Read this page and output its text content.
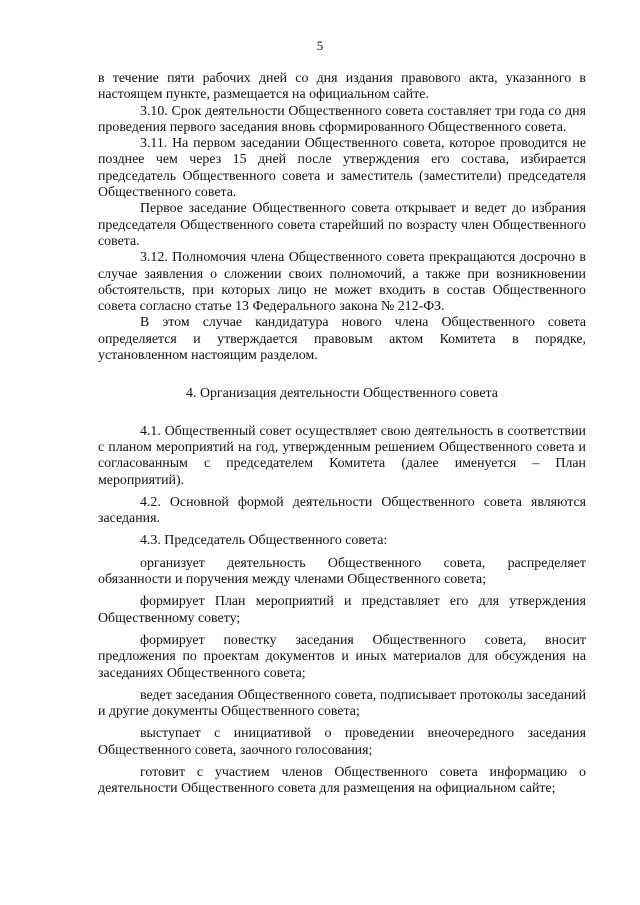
5

в течение пяти рабочих дней со дня издания правового акта, указанного в настоящем пункте, размещается на официальном сайте.

3.10. Срок деятельности Общественного совета составляет три года со дня проведения первого заседания вновь сформированного Общественного совета.

3.11. На первом заседании Общественного совета, которое проводится не позднее чем через 15 дней после утверждения его состава, избирается председатель Общественного совета и заместитель (заместители) председателя Общественного совета.

Первое заседание Общественного совета открывает и ведет до избрания председателя Общественного совета старейший по возрасту член Общественного совета.

3.12. Полномочия члена Общественного совета прекращаются досрочно в случае заявления о сложении своих полномочий, а также при возникновении обстоятельств, при которых лицо не может входить в состав Общественного совета согласно статье 13 Федерального закона № 212-ФЗ.

В этом случае кандидатура нового члена Общественного совета определяется и утверждается правовым актом Комитета в порядке, установленном настоящим разделом.

4. Организация деятельности Общественного совета

4.1. Общественный совет осуществляет свою деятельность в соответствии с планом мероприятий на год, утвержденным решением Общественного совета и согласованным с председателем Комитета (далее именуется – План мероприятий).

4.2. Основной формой деятельности Общественного совета являются заседания.

4.3. Председатель Общественного совета:

организует деятельность Общественного совета, распределяет обязанности и поручения между членами Общественного совета;

формирует План мероприятий и представляет его для утверждения Общественному совету;

формирует повестку заседания Общественного совета, вносит предложения по проектам документов и иных материалов для обсуждения на заседаниях Общественного совета;

ведет заседания Общественного совета, подписывает протоколы заседаний и другие документы Общественного совета;

выступает с инициативой о проведении внеочередного заседания Общественного совета, заочного голосования;

готовит с участием членов Общественного совета информацию о деятельности Общественного совета для размещения на официальном сайте;
